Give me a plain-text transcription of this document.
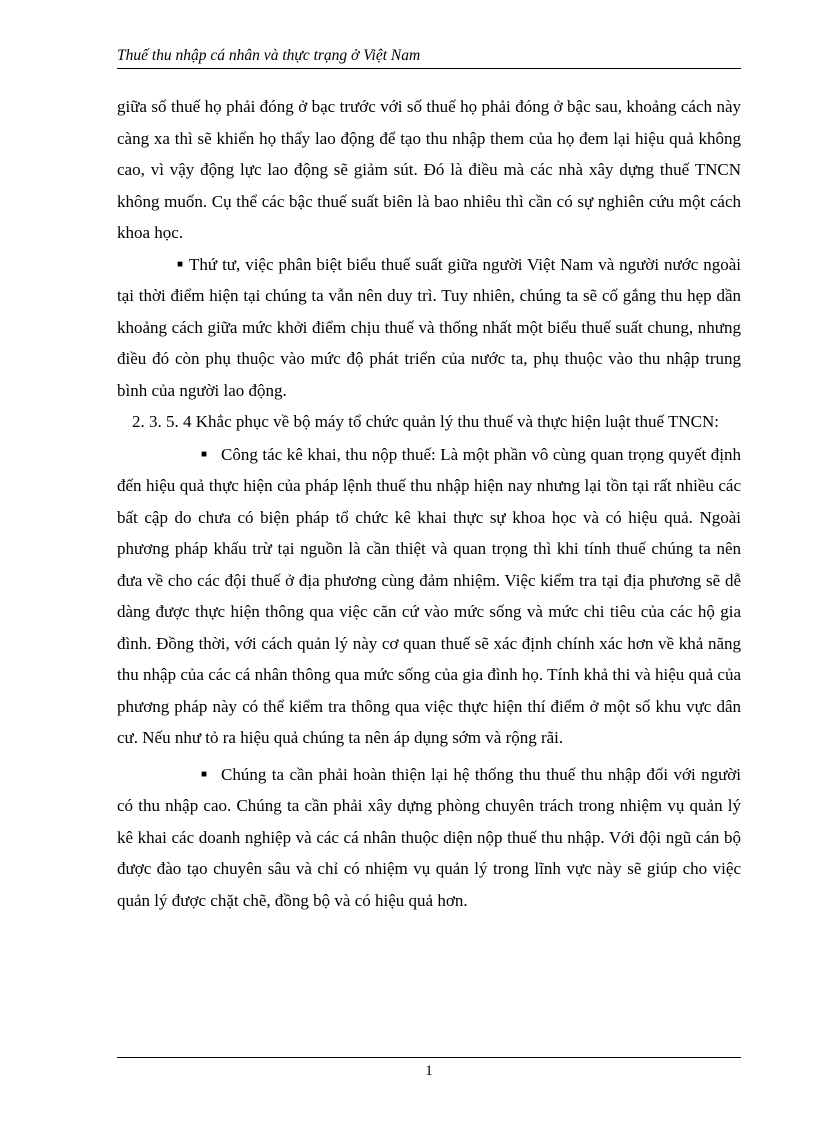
Thuế thu nhập cá nhân và thực trạng ở Việt Nam

giữa số thuế họ phải đóng ở bạc trước với số thuế họ phải đóng ở bậc sau, khoảng cách này càng xa thì sẽ khiến họ thấy lao động để tạo thu nhập them của họ đem lại hiệu quả không cao, vì vậy động lực lao động sẽ giảm sút. Đó là điều mà các nhà xây dựng thuế TNCN không muốn. Cụ thể các bậc thuế suất biên là bao nhiêu thì cần có sự nghiên cứu một cách khoa học.

■ Thứ tư, việc phân biệt biểu thuế suất giữa người Việt Nam và người nước ngoài tại thời điểm hiện tại chúng ta vẫn nên duy trì. Tuy nhiên, chúng ta sẽ cố gắng thu hẹp dần khoảng cách giữa mức khởi điểm chịu thuế và thống nhất một biểu thuế suất chung, nhưng điều đó còn phụ thuộc vào mức độ phát triển của nước ta, phụ thuộc vào thu nhập trung bình của người lao động.

2. 3. 5. 4 Khắc phục về bộ máy tổ chức quản lý thu thuế và thực hiện luật thuế TNCN:

■ Công tác kê khai, thu nộp thuế: Là một phần vô cùng quan trọng quyết định đến hiệu quả thực hiện của pháp lệnh thuế thu nhập hiện nay nhưng lại tồn tại rất nhiều các bất cập do chưa có biện pháp tổ chức kê khai thực sự khoa học và có hiệu quả. Ngoài phương pháp khấu trừ tại nguồn là cần thiệt và quan trọng thì khi tính thuế chúng ta nên đưa về cho các đội thuế ở địa phương cùng đảm nhiệm. Việc kiểm tra tại địa phương sẽ dễ dàng được thực hiện thông qua việc căn cứ vào mức sống và mức chi tiêu của các hộ gia đình. Đồng thời, với cách quản lý này cơ quan thuế sẽ xác định chính xác hơn về khả năng thu nhập của các cá nhân thông qua mức sống của gia đình họ. Tính khả thi và hiệu quả của phương pháp này có thể kiểm tra thông qua việc thực hiện thí điểm ở một số khu vực dân cư. Nếu như tỏ ra hiệu quả chúng ta nên áp dụng sớm và rộng rãi.

■ Chúng ta cần phải hoàn thiện lại hệ thống thu thuế thu nhập đối với người có thu nhập cao. Chúng ta cần phải xây dựng phòng chuyên trách trong nhiệm vụ quản lý kê khai các doanh nghiệp và các cá nhân thuộc diện nộp thuế thu nhập. Với đội ngũ cán bộ được đào tạo chuyên sâu và chỉ có nhiệm vụ quản lý trong lĩnh vực này sẽ giúp cho việc quản lý được chặt chẽ, đồng bộ và có hiệu quả hơn.

1
